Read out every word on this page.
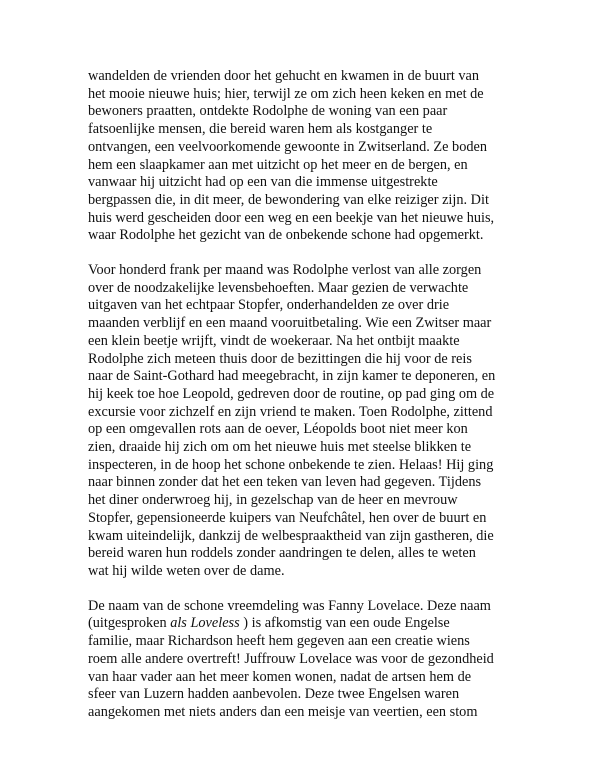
wandelden de vrienden door het gehucht en kwamen in de buurt van
het mooie nieuwe huis; hier, terwijl ze om zich heen keken en met de
bewoners praatten, ontdekte Rodolphe de woning van een paar
fatsoenlijke mensen, die bereid waren hem als kostganger te
ontvangen, een veelvoorkomende gewoonte in Zwitserland. Ze boden
hem een slaapkamer aan met uitzicht op het meer en de bergen, en
vanwaar hij uitzicht had op een van die immense uitgestrekte
bergpassen die, in dit meer, de bewondering van elke reiziger zijn. Dit
huis werd gescheiden door een weg en een beekje van het nieuwe huis,
waar Rodolphe het gezicht van de onbekende schone had opgemerkt.

Voor honderd frank per maand was Rodolphe verlost van alle zorgen
over de noodzakelijke levensbehoeften. Maar gezien de verwachte
uitgaven van het echtpaar Stopfer, onderhandelden ze over drie
maanden verblijf en een maand vooruitbetaling. Wie een Zwitser maar
een klein beetje wrijft, vindt de woekeraar. Na het ontbijt maakte
Rodolphe zich meteen thuis door de bezittingen die hij voor de reis
naar de Saint-Gothard had meegebracht, in zijn kamer te deponeren, en
hij keek toe hoe Leopold, gedreven door de routine, op pad ging om de
excursie voor zichzelf en zijn vriend te maken. Toen Rodolphe, zittend
op een omgevallen rots aan de oever, Léopolds boot niet meer kon
zien, draaide hij zich om om het nieuwe huis met steelse blikken te
inspecteren, in de hoop het schone onbekende te zien. Helaas! Hij ging
naar binnen zonder dat het een teken van leven had gegeven. Tijdens
het diner onderwroeg hij, in gezelschap van de heer en mevrouw
Stopfer, gepensioneerde kuipers van Neufchâtel, hen over de buurt en
kwam uiteindelijk, dankzij de welbespraaktheid van zijn gastheren, die
bereid waren hun roddels zonder aandringen te delen, alles te weten
wat hij wilde weten over de dame.

De naam van de schone vreemdeling was Fanny Lovelace. Deze naam
(uitgesproken als Loveless ) is afkomstig van een oude Engelse
familie, maar Richardson heeft hem gegeven aan een creatie wiens
roem alle andere overtreft! Juffrouw Lovelace was voor de gezondheid
van haar vader aan het meer komen wonen, nadat de artsen hem de
sfeer van Luzern hadden aanbevolen. Deze twee Engelsen waren
aangekomen met niets anders dan een meisje van veertien, een stom
